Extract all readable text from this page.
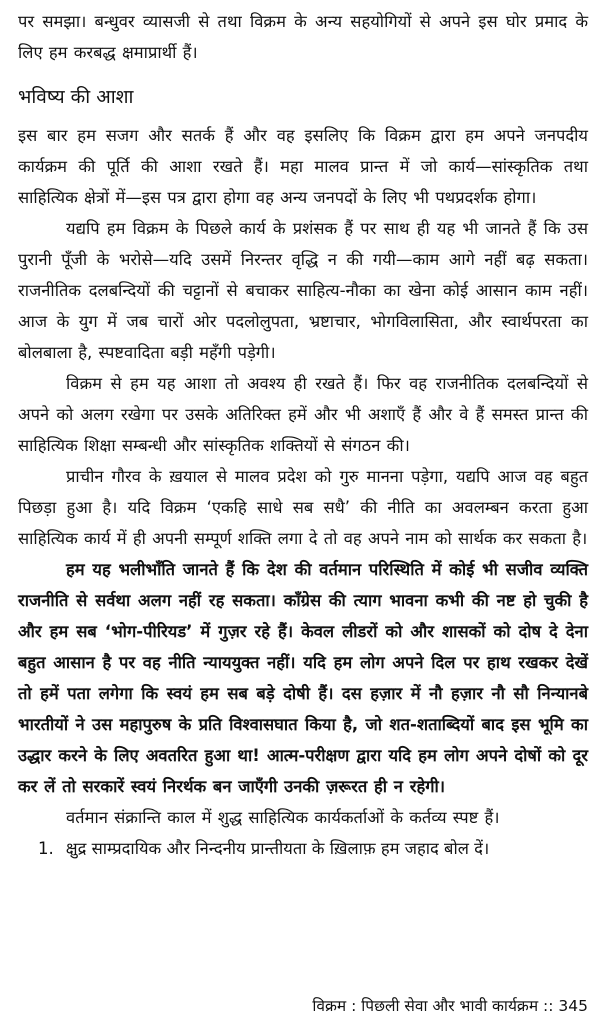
पर समझा। बन्धुवर व्यासजी से तथा विक्रम के अन्य सहयोगियों से अपने इस घोर प्रमाद के लिए हम करबद्ध क्षमाप्रार्थी हैं।

भविष्य की आशा

इस बार हम सजग और सतर्क हैं और वह इसलिए कि विक्रम द्वारा हम अपने जनपदीय कार्यक्रम की पूर्ति की आशा रखते हैं। महा मालव प्रान्त में जो कार्य—सांस्कृतिक तथा साहित्यिक क्षेत्रों में—इस पत्र द्वारा होगा वह अन्य जनपदों के लिए भी पथप्रदर्शक होगा।

यद्यपि हम विक्रम के पिछले कार्य के प्रशंसक हैं पर साथ ही यह भी जानते हैं कि उस पुरानी पूँजी के भरोसे—यदि उसमें निरन्तर वृद्धि न की गयी—काम आगे नहीं बढ़ सकता। राजनीतिक दलबन्दियों की चट्टानों से बचाकर साहित्य-नौका का खेना कोई आसान काम नहीं। आज के युग में जब चारों ओर पदलोलुपता, भ्रष्टाचार, भोगविलासिता, और स्वार्थपरता का बोलबाला है, स्पष्टवादिता बड़ी महँगी पड़ेगी।

विक्रम से हम यह आशा तो अवश्य ही रखते हैं। फिर वह राजनीतिक दलबन्दियों से अपने को अलग रखेगा पर उसके अतिरिक्त हमें और भी अशाएँ हैं और वे हैं समस्त प्रान्त की साहित्यिक शिक्षा सम्बन्धी और सांस्कृतिक शक्तियों से संगठन की।

प्राचीन गौरव के ख़याल से मालव प्रदेश को गुरु मानना पड़ेगा, यद्यपि आज वह बहुत पिछड़ा हुआ है। यदि विक्रम ‘एकहि साधे सब सधै’ की नीति का अवलम्बन करता हुआ साहित्यिक कार्य में ही अपनी सम्पूर्ण शक्ति लगा दे तो वह अपने नाम को सार्थक कर सकता है।

हम यह भलीभाँति जानते हैं कि देश की वर्तमान परिस्थिति में कोई भी सजीव व्यक्ति राजनीति से सर्वथा अलग नहीं रह सकता। काँग्रेस की त्याग भावना कभी की नष्ट हो चुकी है और हम सब ‘भोग-पीरियड’ में गुज़र रहे हैं। केवल लीडरों को और शासकों को दोष दे देना बहुत आसान है पर वह नीति न्याययुक्त नहीं। यदि हम लोग अपने दिल पर हाथ रखकर देखें तो हमें पता लगेगा कि स्वयं हम सब बड़े दोषी हैं। दस हज़ार में नौ हज़ार नौ सौ निन्यानबे भारतीयों ने उस महापुरुष के प्रति विश्वासघात किया है, जो शत-शताब्दियों बाद इस भूमि का उद्धार करने के लिए अवतरित हुआ था! आत्म-परीक्षण द्वारा यदि हम लोग अपने दोषों को दूर कर लें तो सरकारें स्वयं निरर्थक बन जाएँगी उनकी ज़रूरत ही न रहेगी।

वर्तमान संक्रान्ति काल में शुद्ध साहित्यिक कार्यकर्ताओं के कर्तव्य स्पष्ट हैं।

1. क्षुद्र साम्प्रदायिक और निन्दनीय प्रान्तीयता के ख़िलाफ़ हम जहाद बोल दें।
विक्रम : पिछली सेवा और भावी कार्यक्रम :: 345
